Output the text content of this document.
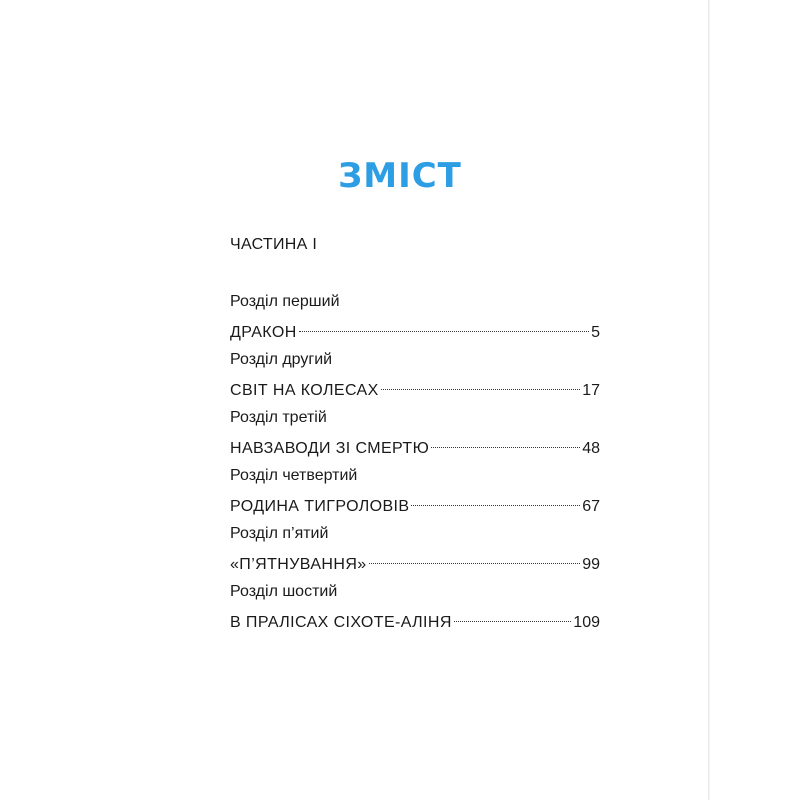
ЗМІСТ
ЧАСТИНА І
Розділ перший
ДРАКОН	5
Розділ другий
СВІТ НА КОЛЕСАХ	17
Розділ третій
НАВЗАВОДИ ЗІ СМЕРТЮ	48
Розділ четвертий
РОДИНА ТИГРОЛОВІВ	67
Розділ п’ятий
«П’ЯТНУВАННЯ»	99
Розділ шостий
В ПРАЛІСАХ СІХОТЕ-АЛІНЯ	109
